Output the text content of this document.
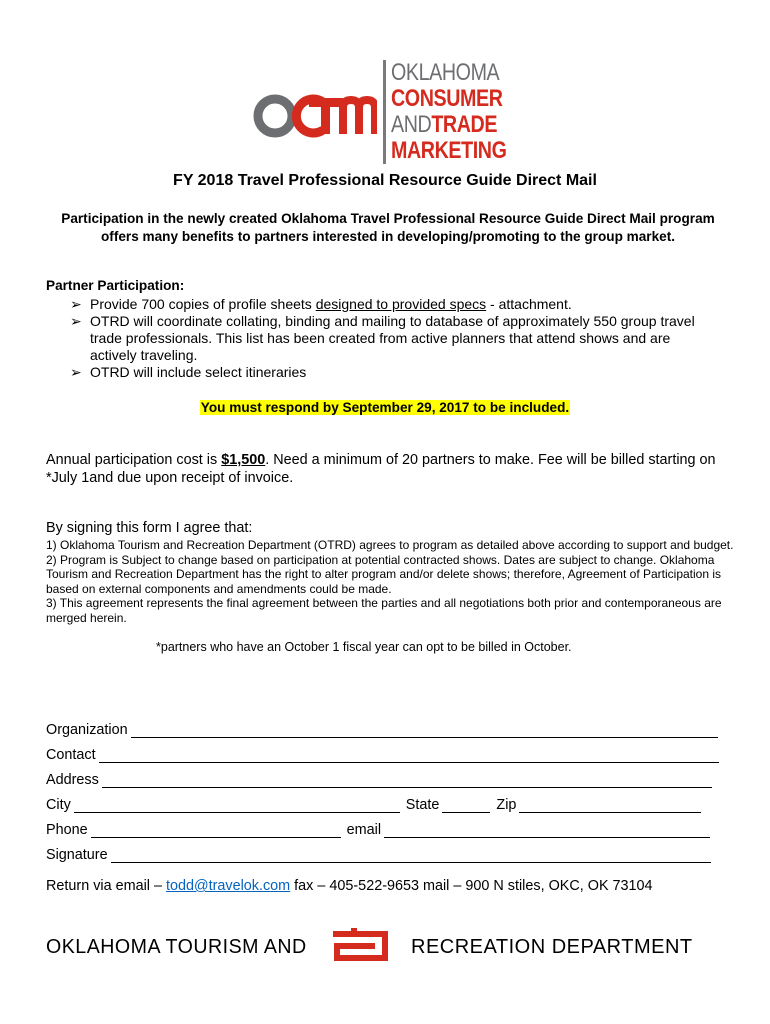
OKLAHOMA
CONSUMER
ANDTRADE
MARKETING
FY 2018 Travel Professional Resource Guide Direct Mail
Participation in the newly created Oklahoma Travel Professional Resource Guide Direct Mail program offers many benefits to partners interested in developing/promoting to the group market.
Partner Participation:
➢ Provide 700 copies of profile sheets designed to provided specs - attachment.
➢ OTRD will coordinate collating, binding and mailing to database of approximately 550 group travel trade professionals. This list has been created from active planners that attend shows and are actively traveling.
➢ OTRD will include select itineraries
You must respond by September 29, 2017 to be included.
Annual participation cost is $1,500. Need a minimum of 20 partners to make. Fee will be billed starting on *July 1and due upon receipt of invoice.
By signing this form I agree that:
1) Oklahoma Tourism and Recreation Department (OTRD) agrees to program as detailed above according to support and budget.
2) Program is Subject to change based on participation at potential contracted shows. Dates are subject to change. Oklahoma Tourism and Recreation Department has the right to alter program and/or delete shows; therefore, Agreement of Participation is based on external components and amendments could be made.
3) This agreement represents the final agreement between the parties and all negotiations both prior and contemporaneous are merged herein.
*partners who have an October 1 fiscal year can opt to be billed in October.
Organization
Contact
Address
City	State	Zip
Phone	email
Signature
Return via email – todd@travelok.com fax – 405-522-9653 mail – 900 N stiles, OKC, OK 73104
OKLAHOMA TOURISM AND	RECREATION DEPARTMENT
